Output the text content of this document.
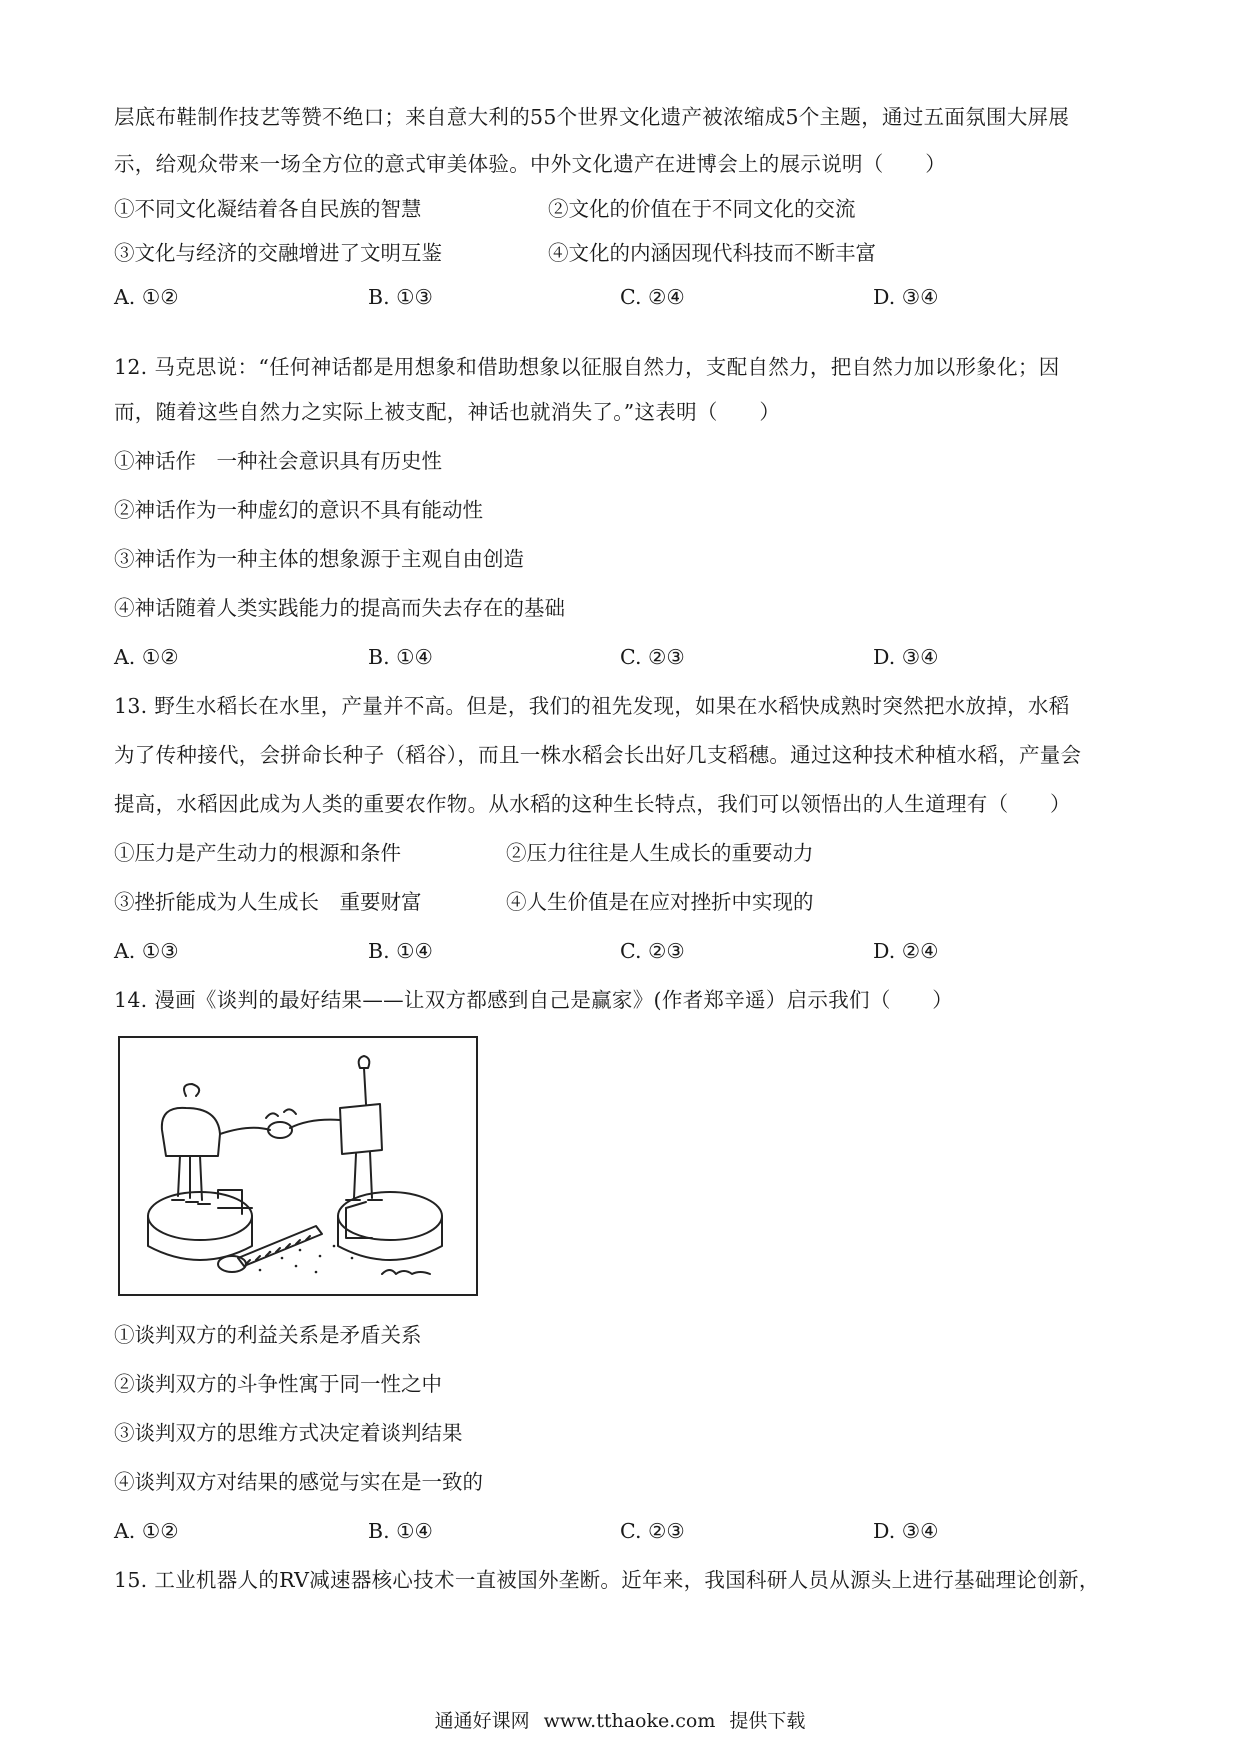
层底布鞋制作技艺等赞不绝口；来自意大利的55个世界文化遗产被浓缩成5个主题，通过五面氛围大屏展
示，给观众带来一场全方位的意式审美体验。中外文化遗产在进博会上的展示说明（　　）
①不同文化凝结着各自民族的智慧	②文化的价值在于不同文化的交流
③文化与经济的交融增进了文明互鉴	④文化的内涵因现代科技而不断丰富
A. ①②	B. ①③	C. ②④	D. ③④
12. 马克思说：“任何神话都是用想象和借助想象以征服自然力，支配自然力，把自然力加以形象化；因
而，随着这些自然力之实际上被支配，神话也就消失了。”这表明（　　）
①神话作　一种社会意识具有历史性
②神话作为一种虚幻的意识不具有能动性
③神话作为一种主体的想象源于主观自由创造
④神话随着人类实践能力的提高而失去存在的基础
A. ①②	B. ①④	C. ②③	D. ③④
13. 野生水稻长在水里，产量并不高。但是，我们的祖先发现，如果在水稻快成熟时突然把水放掉，水稻
为了传种接代，会拼命长种子（稻谷），而且一株水稻会长出好几支稻穗。通过这种技术种植水稻，产量会
提高，水稻因此成为人类的重要农作物。从水稻的这种生长特点，我们可以领悟出的人生道理有（　　）
①压力是产生动力的根源和条件	②压力往往是人生成长的重要动力
③挫折能成为人生成长　重要财富	④人生价值是在应对挫折中实现的
A. ①③	B. ①④	C. ②③	D. ②④
14. 漫画《谈判的最好结果——让双方都感到自己是赢家》(作者郑辛遥）启示我们（　　）
①谈判双方的利益关系是矛盾关系
②谈判双方的斗争性寓于同一性之中
③谈判双方的思维方式决定着谈判结果
④谈判双方对结果的感觉与实在是一致的
A. ①②	B. ①④	C. ②③	D. ③④
15. 工业机器人的RV减速器核心技术一直被国外垄断。近年来，我国科研人员从源头上进行基础理论创新，
通通好课网 www.tthaoke.com 提供下载
